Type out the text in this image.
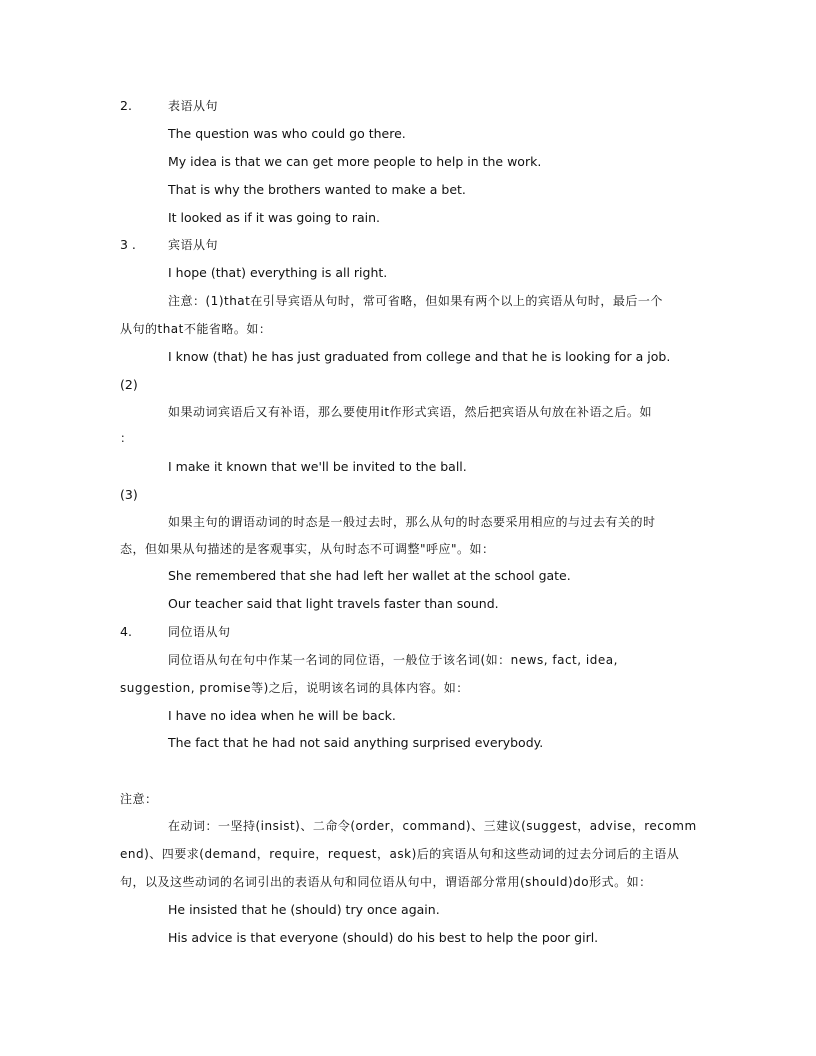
2.	表语从句
The question was who could go there.
My idea is that we can get more people to help in the work.
That is why the brothers wanted to make a bet.
It looked as if it was going to rain.
3 .	宾语从句
I hope (that) everything is all right.
注意：(1)that在引导宾语从句时，常可省略，但如果有两个以上的宾语从句时，最后一个
从句的that不能省略。如：
I know (that) he has just graduated from college and that he is looking for a job.
(2)
如果动词宾语后又有补语，那么要使用it作形式宾语，然后把宾语从句放在补语之后。如
：
I make it known that we'll be invited to the ball.
(3)
如果主句的谓语动词的时态是一般过去时，那么从句的时态要采用相应的与过去有关的时
态，但如果从句描述的是客观事实，从句时态不可调整"呼应"。如：
She remembered that she had left her wallet at the school gate.
Our teacher said that light travels faster than sound.
4.	同位语从句
同位语从句在句中作某一名词的同位语，一般位于该名词(如：news, fact, idea,
suggestion, promise等)之后，说明该名词的具体内容。如：
I have no idea when he will be back.
The fact that he had not said anything surprised everybody.
注意：
在动词：一坚持(insist)、二命令(order，command)、三建议(suggest，advise，recomm
end)、四要求(demand，require，request，ask)后的宾语从句和这些动词的过去分词后的主语从
句，以及这些动词的名词引出的表语从句和同位语从句中，谓语部分常用(should)do形式。如：
He insisted that he (should) try once again.
His advice is that everyone (should) do his best to help the poor girl.
